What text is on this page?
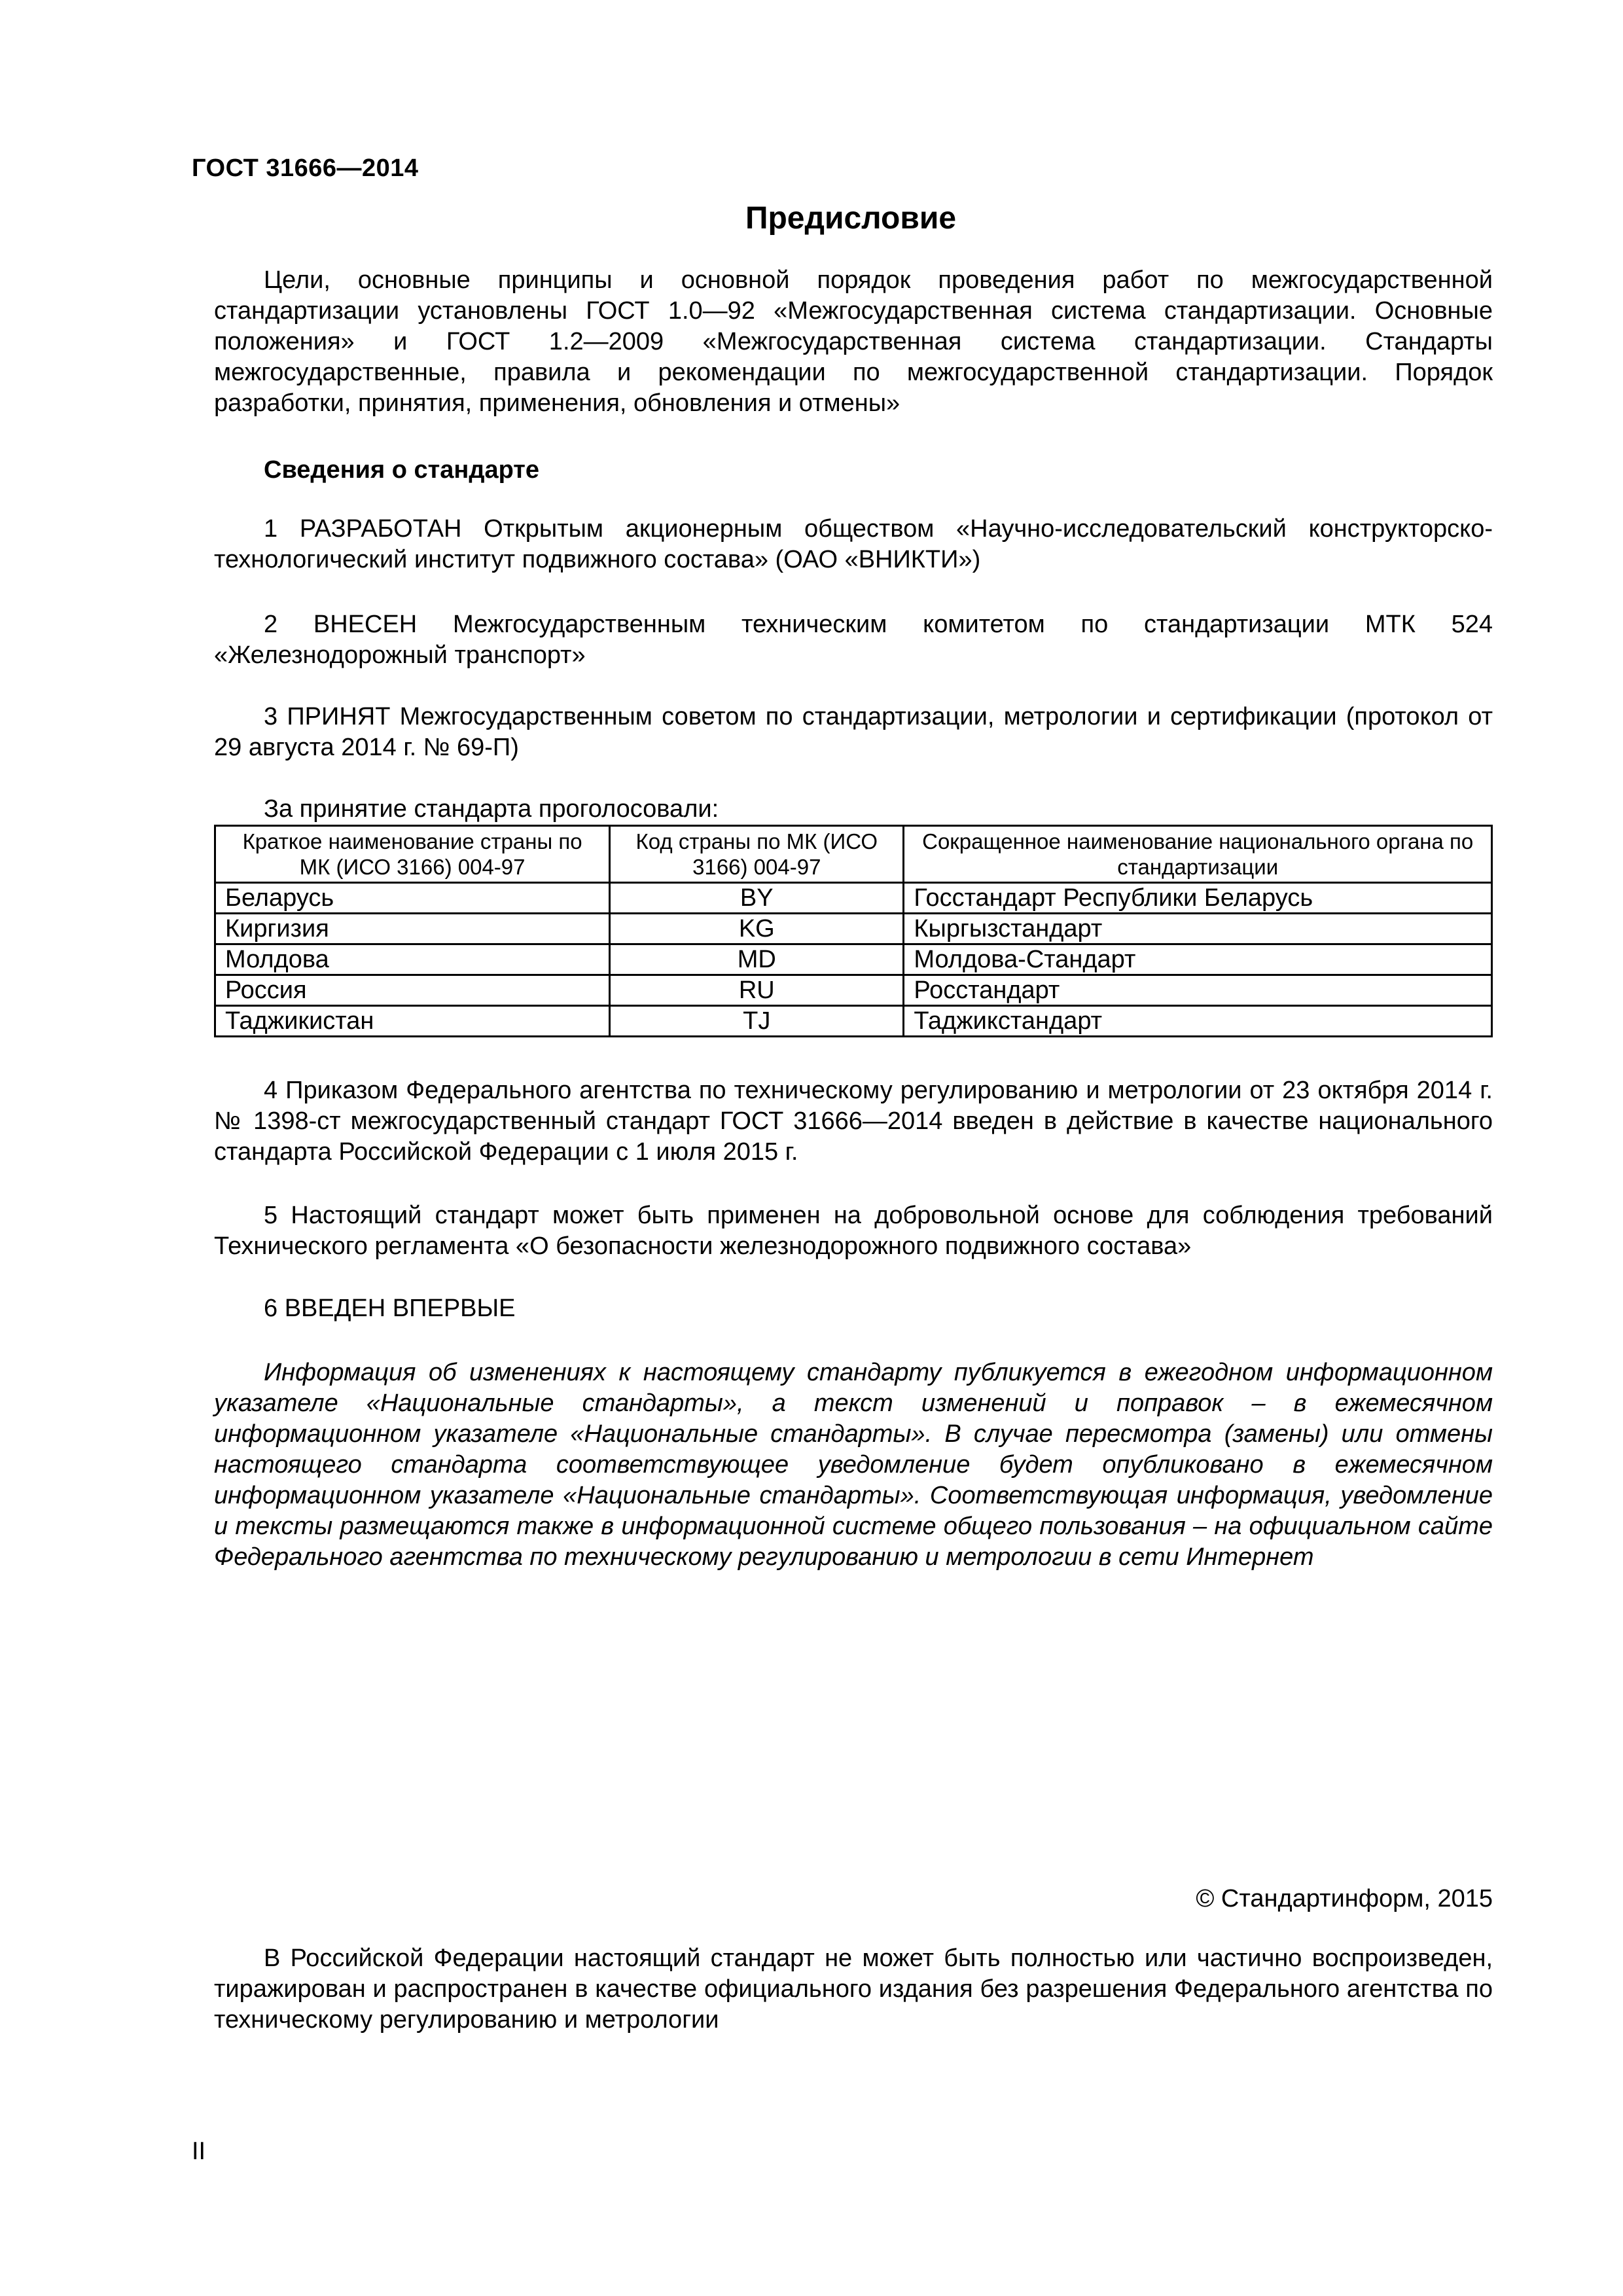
ГОСТ 31666—2014
Предисловие

Цели, основные принципы и основной порядок проведения работ по межгосударственной стандартизации установлены ГОСТ 1.0—92 «Межгосударственная система стандартизации. Основные положения» и ГОСТ 1.2—2009 «Межгосударственная система стандартизации. Стандарты межгосударственные, правила и рекомендации по межгосударственной стандартизации. Порядок разработки, принятия, применения, обновления и отмены»

Сведения о стандарте

1 РАЗРАБОТАН Открытым акционерным обществом «Научно-исследовательский конструкторско-технологический институт подвижного состава» (ОАО «ВНИКТИ»)

2 ВНЕСЕН Межгосударственным техническим комитетом по стандартизации МТК 524 «Железнодорожный транспорт»

3 ПРИНЯТ Межгосударственным советом по стандартизации, метрологии и сертификации (протокол от 29 августа 2014 г. № 69-П)

За принятие стандарта проголосовали:
Краткое наименование страны по МК (ИСО 3166) 004-97	Код страны по МК (ИСО 3166) 004-97	Сокращенное наименование национального органа по стандартизации
Беларусь	BY	Госстандарт Республики Беларусь
Киргизия	KG	Кыргызстандарт
Молдова	MD	Молдова-Стандарт
Россия	RU	Росстандарт
Таджикистан	TJ	Таджикстандарт

4 Приказом Федерального агентства по техническому регулированию и метрологии от 23 октября 2014 г. № 1398-ст межгосударственный стандарт ГОСТ 31666—2014 введен в действие в качестве национального стандарта Российской Федерации с 1 июля 2015 г.

5 Настоящий стандарт может быть применен на добровольной основе для соблюдения требований Технического регламента «О безопасности железнодорожного подвижного состава»

6 ВВЕДЕН ВПЕРВЫЕ

Информация об изменениях к настоящему стандарту публикуется в ежегодном информационном указателе «Национальные стандарты», а текст изменений и поправок – в ежемесячном информационном указателе «Национальные стандарты». В случае пересмотра (замены) или отмены настоящего стандарта соответствующее уведомление будет опубликовано в ежемесячном информационном указателе «Национальные стандарты». Соответствующая информация, уведомление и тексты размещаются также в информационной системе общего пользования – на официальном сайте Федерального агентства по техническому регулированию и метрологии в сети Интернет

© Стандартинформ, 2015

В Российской Федерации настоящий стандарт не может быть полностью или частично воспроизведен, тиражирован и распространен в качестве официального издания без разрешения Федерального агентства по техническому регулированию и метрологии

II
